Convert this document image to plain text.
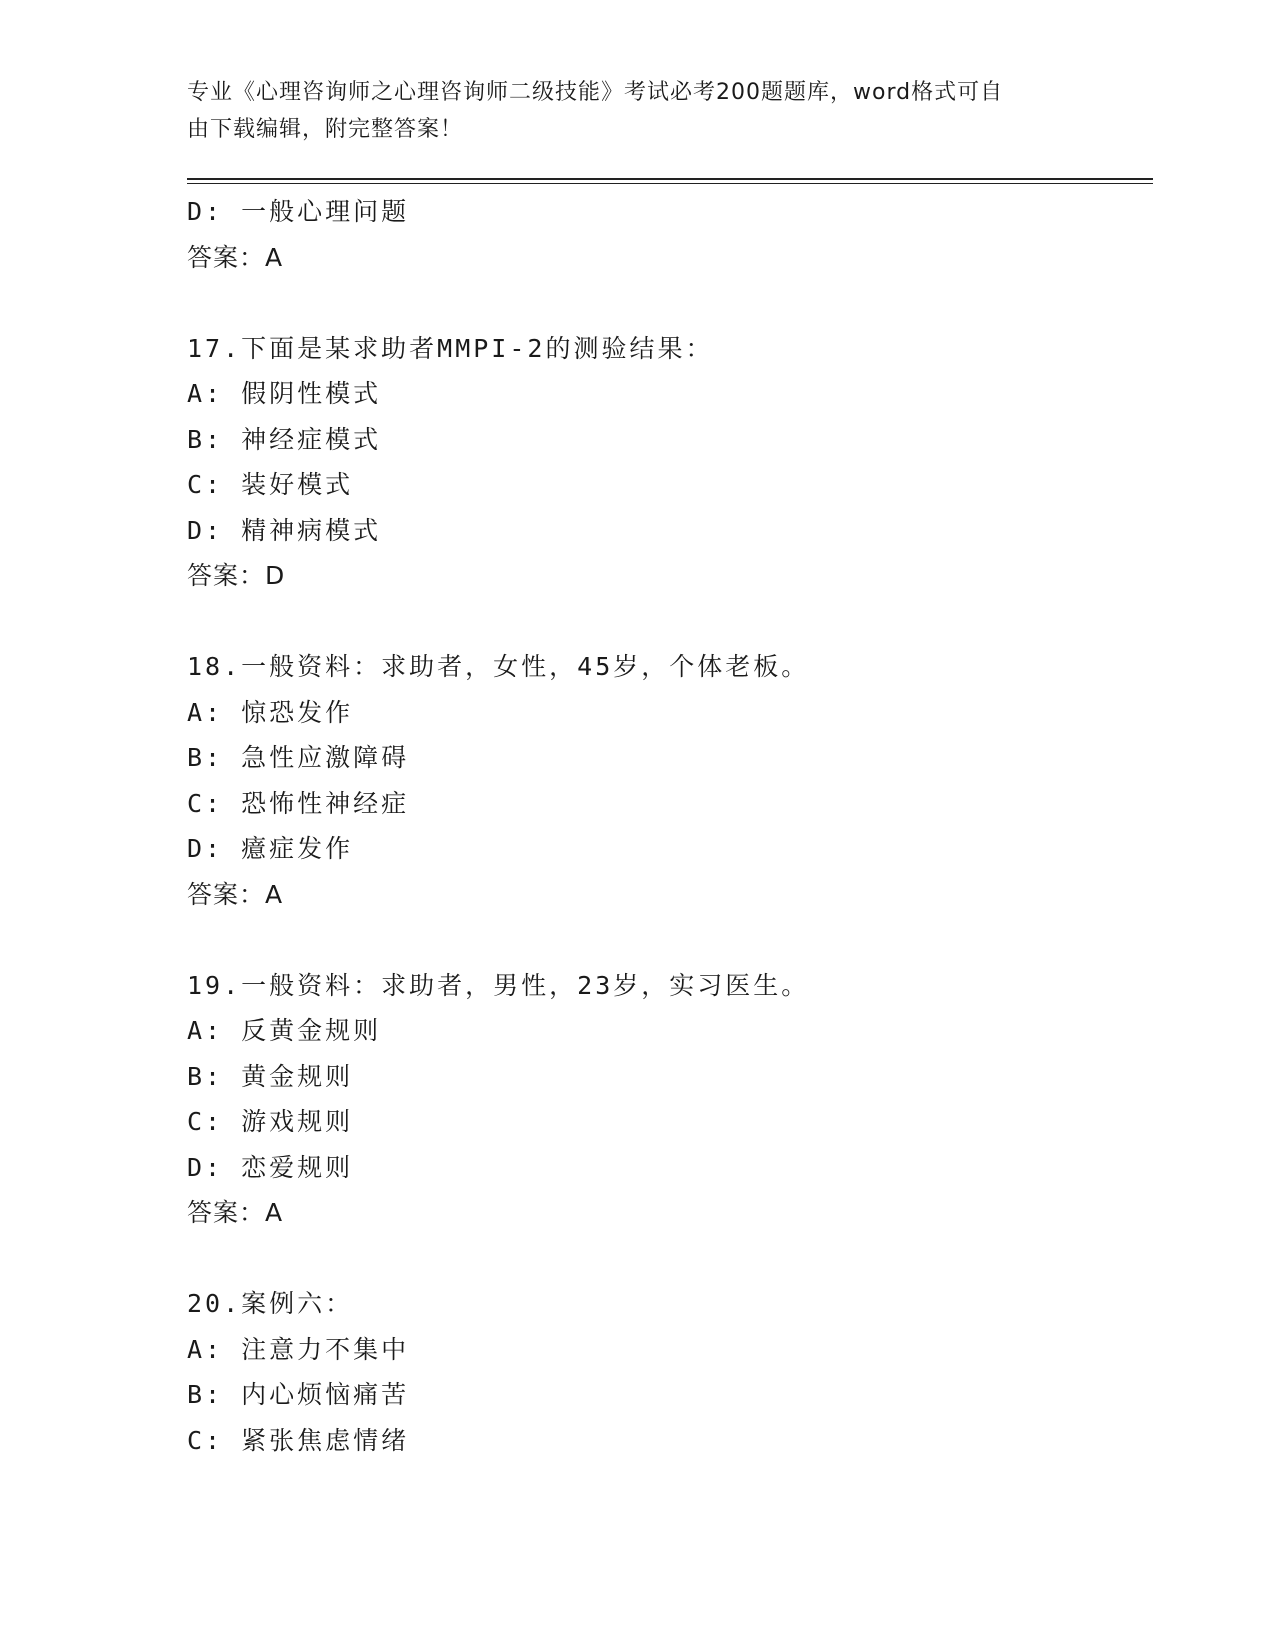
专业《心理咨询师之心理咨询师二级技能》考试必考200题题库，word格式可自

由下载编辑，附完整答案！

D: 一般心理问题
答案：A
17.下面是某求助者MMPI-2的测验结果：
A: 假阴性模式
B: 神经症模式
C: 装好模式
D: 精神病模式
答案：D
18.一般资料：求助者，女性，45岁，个体老板。
A: 惊恐发作
B: 急性应激障碍
C: 恐怖性神经症
D: 癔症发作
答案：A
19.一般资料：求助者，男性，23岁，实习医生。
A: 反黄金规则
B: 黄金规则
C: 游戏规则
D: 恋爱规则
答案：A
20.案例六：
A: 注意力不集中
B: 内心烦恼痛苦
C: 紧张焦虑情绪
